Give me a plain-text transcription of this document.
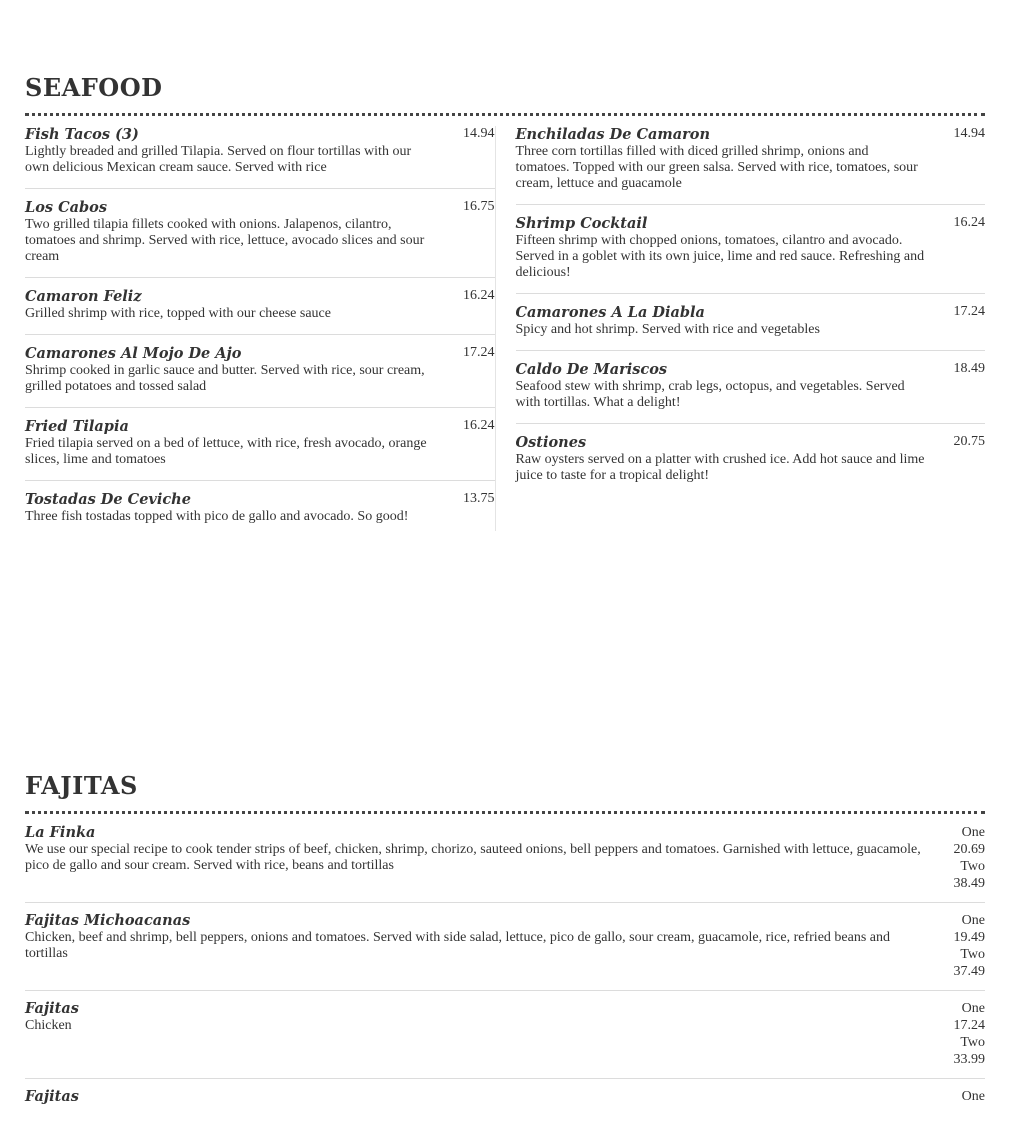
SEAFOOD
Fish Tacos (3)
Lightly breaded and grilled Tilapia. Served on flour tortillas with our own delicious Mexican cream sauce. Served with rice
14.94
Los Cabos
Two grilled tilapia fillets cooked with onions. Jalapenos, cilantro, tomatoes and shrimp. Served with rice, lettuce, avocado slices and sour cream
16.75
Camaron Feliz
Grilled shrimp with rice, topped with our cheese sauce
16.24
Camarones Al Mojo De Ajo
Shrimp cooked in garlic sauce and butter. Served with rice, sour cream, grilled potatoes and tossed salad
17.24
Fried Tilapia
Fried tilapia served on a bed of lettuce, with rice, fresh avocado, orange slices, lime and tomatoes
16.24
Tostadas De Ceviche
Three fish tostadas topped with pico de gallo and avocado. So good!
13.75
Enchiladas De Camaron
Three corn tortillas filled with diced grilled shrimp, onions and tomatoes. Topped with our green salsa. Served with rice, tomatoes, sour cream, lettuce and guacamole
14.94
Shrimp Cocktail
Fifteen shrimp with chopped onions, tomatoes, cilantro and avocado. Served in a goblet with its own juice, lime and red sauce. Refreshing and delicious!
16.24
Camarones A La Diabla
Spicy and hot shrimp. Served with rice and vegetables
17.24
Caldo De Mariscos
Seafood stew with shrimp, crab legs, octopus, and vegetables. Served with tortillas. What a delight!
18.49
Ostiones
Raw oysters served on a platter with crushed ice. Add hot sauce and lime juice to taste for a tropical delight!
20.75
FAJITAS
La Finka
We use our special recipe to cook tender strips of beef, chicken, shrimp, chorizo, sauteed onions, bell peppers and tomatoes. Garnished with lettuce, guacamole, pico de gallo and sour cream. Served with rice, beans and tortillas
One
20.69
Two
38.49
Fajitas Michoacanas
Chicken, beef and shrimp, bell peppers, onions and tomatoes. Served with side salad, lettuce, pico de gallo, sour cream, guacamole, rice, refried beans and tortillas
One
19.49
Two
37.49
Fajitas
Chicken
One
17.24
Two
33.99
Fajitas	One
